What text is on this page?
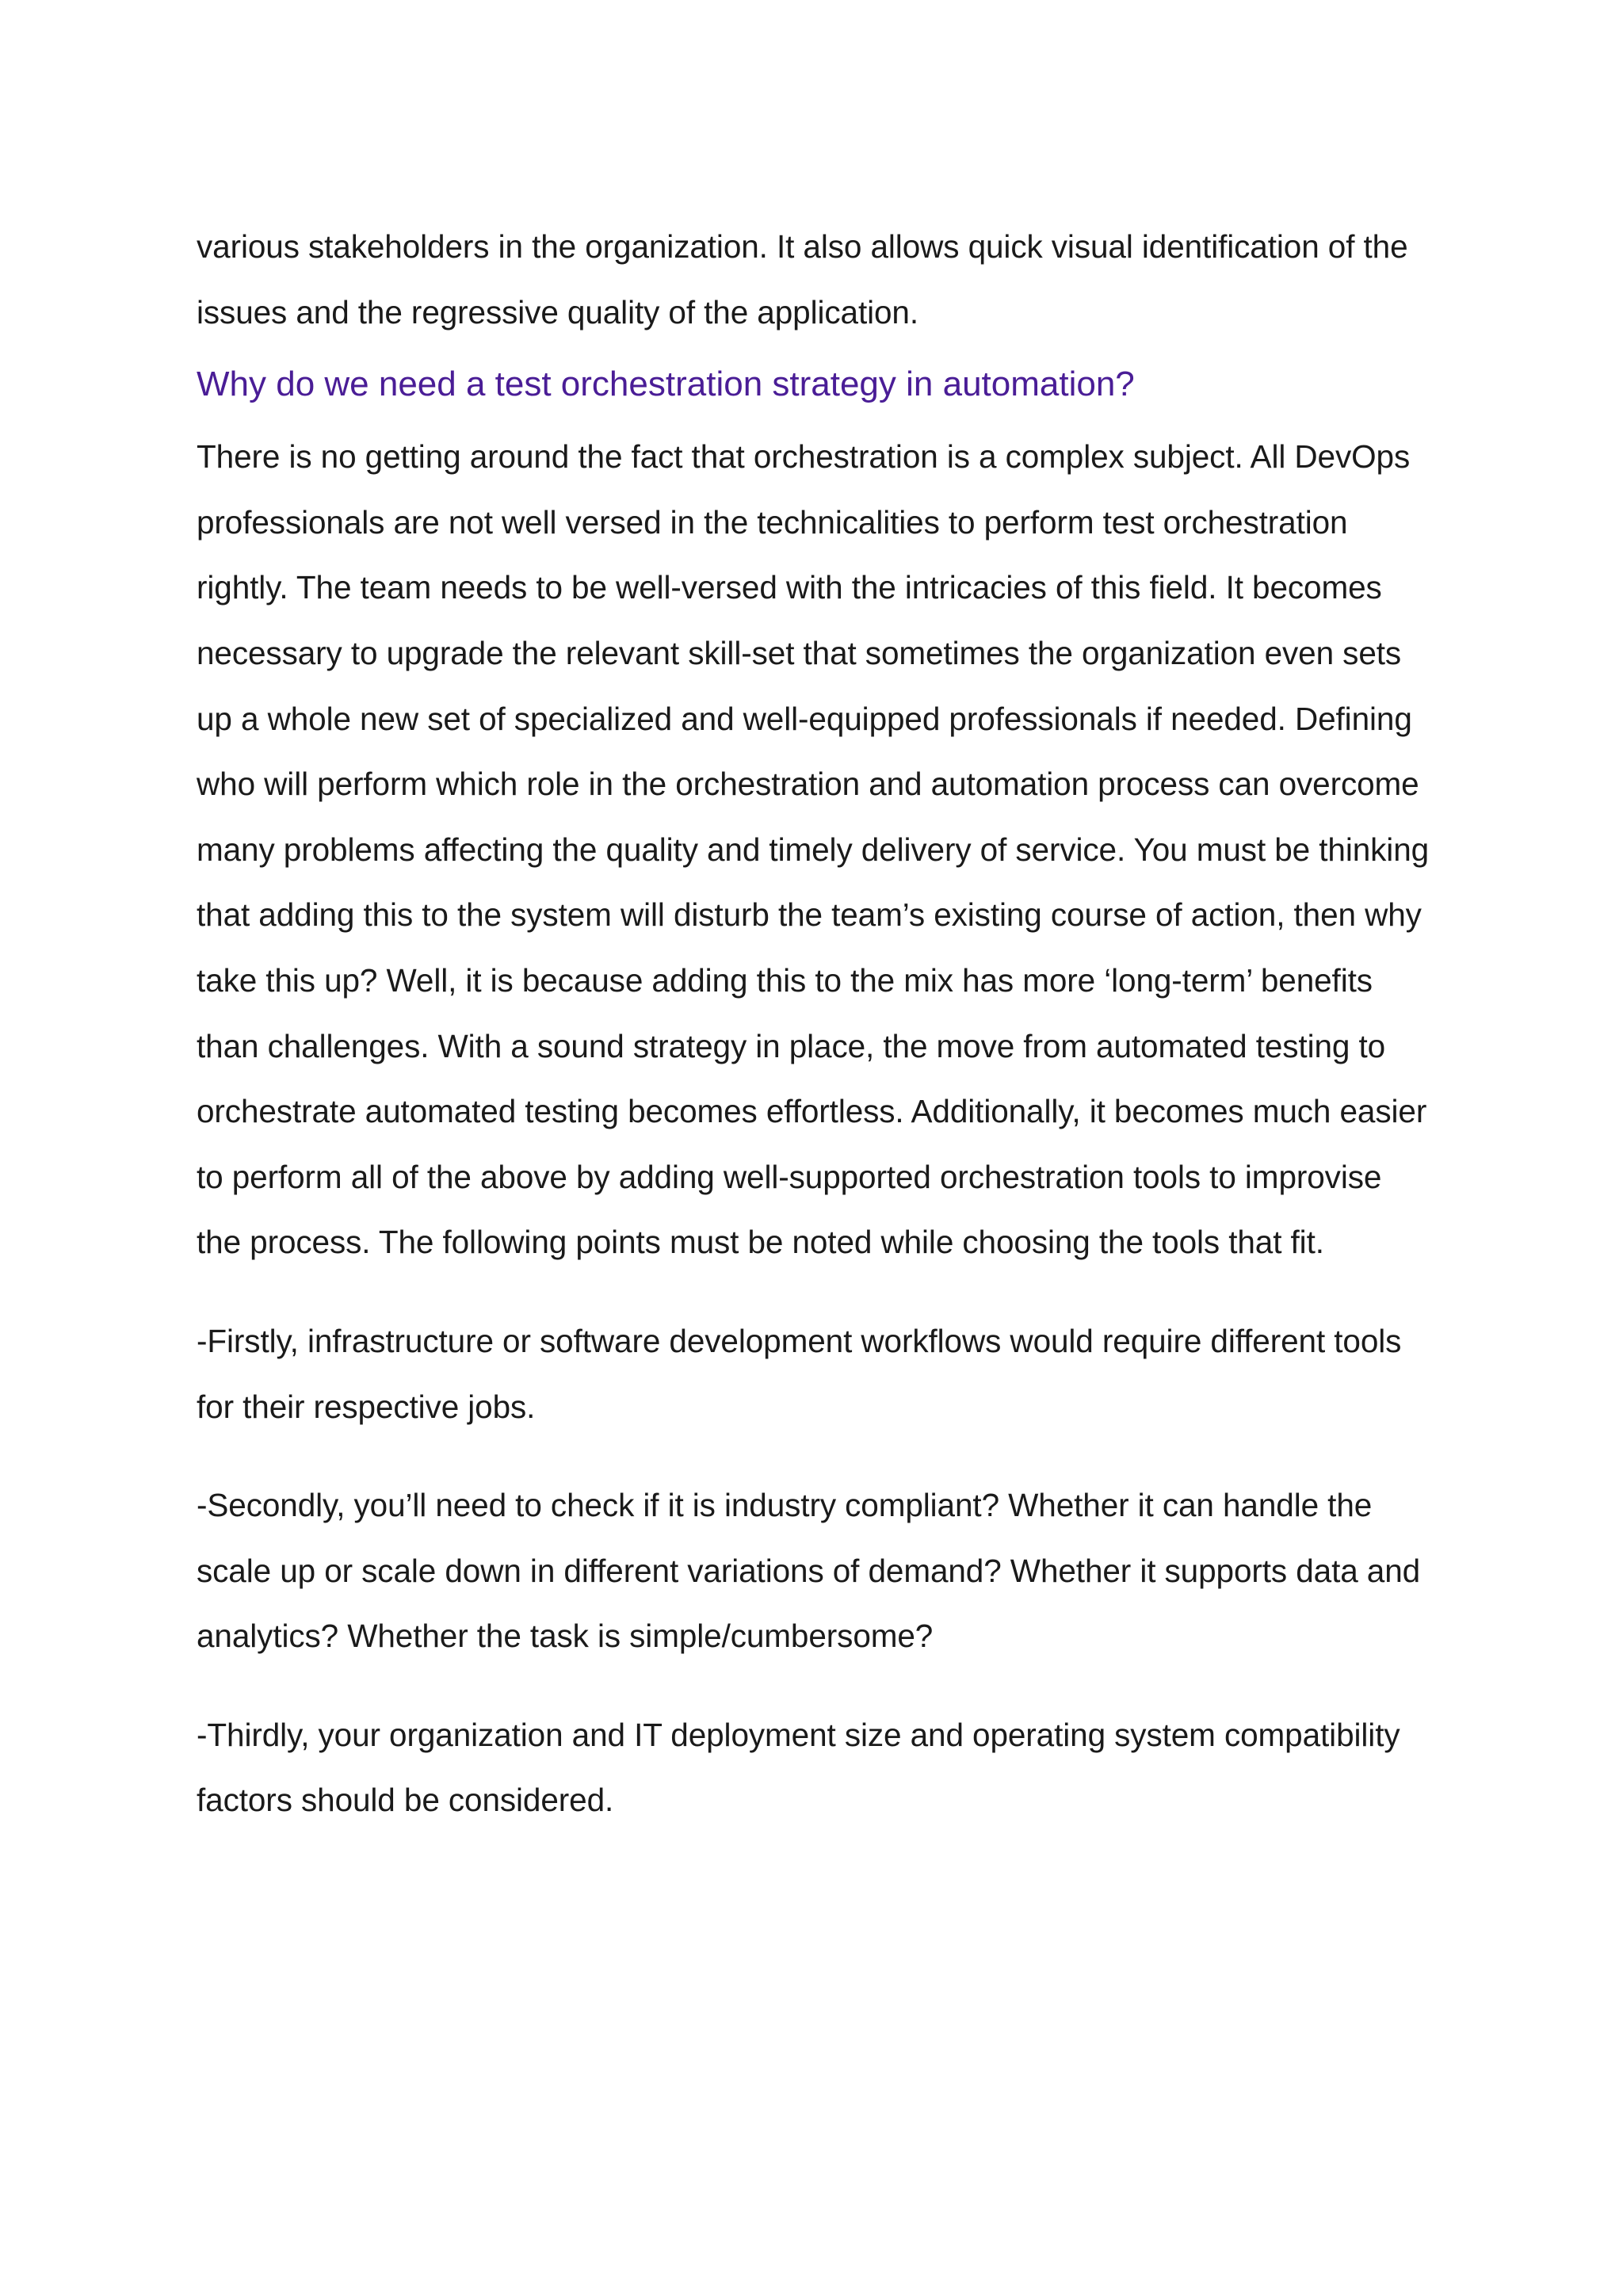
various stakeholders in the organization. It also allows quick visual identification of the issues and the regressive quality of the application.

Why do we need a test orchestration strategy in automation?

There is no getting around the fact that orchestration is a complex subject. All DevOps professionals are not well versed in the technicalities to perform test orchestration rightly. The team needs to be well-versed with the intricacies of this field. It becomes necessary to upgrade the relevant skill-set that sometimes the organization even sets up a whole new set of specialized and well-equipped professionals if needed. Defining who will perform which role in the orchestration and automation process can overcome many problems affecting the quality and timely delivery of service. You must be thinking that adding this to the system will disturb the team’s existing course of action, then why take this up? Well, it is because adding this to the mix has more ‘long-term’ benefits than challenges. With a sound strategy in place, the move from automated testing to orchestrate automated testing becomes effortless. Additionally, it becomes much easier to perform all of the above by adding well-supported orchestration tools to improvise the process. The following points must be noted while choosing the tools that fit.

-Firstly, infrastructure or software development workflows would require different tools for their respective jobs.

-Secondly, you’ll need to check if it is industry compliant? Whether it can handle the scale up or scale down in different variations of demand? Whether it supports data and analytics? Whether the task is simple/cumbersome?

-Thirdly, your organization and IT deployment size and operating system compatibility factors should be considered.
